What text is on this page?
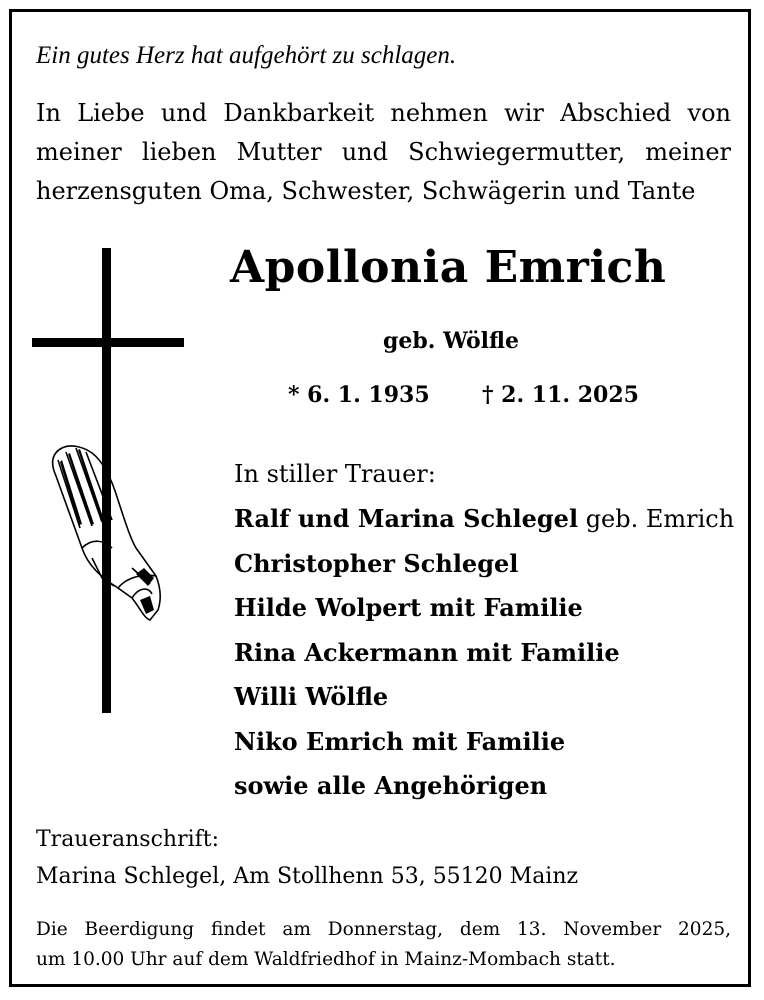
Ein gutes Herz hat aufgehört zu schlagen.
In Liebe und Dankbarkeit nehmen wir Abschied von
meiner lieben Mutter und Schwiegermutter, meiner
herzensguten Oma, Schwester, Schwägerin und Tante
Apollonia Emrich
geb. Wölfle
* 6. 1. 1935 † 2. 11. 2025
In stiller Trauer:
Ralf und Marina Schlegel geb. Emrich
Christopher Schlegel
Hilde Wolpert mit Familie
Rina Ackermann mit Familie
Willi Wölfle
Niko Emrich mit Familie
sowie alle Angehörigen
Traueranschrift:
Marina Schlegel, Am Stollhenn 53, 55120 Mainz
Die Beerdigung findet am Donnerstag, dem 13. November 2025,
um 10.00 Uhr auf dem Waldfriedhof in Mainz-Mombach statt.
